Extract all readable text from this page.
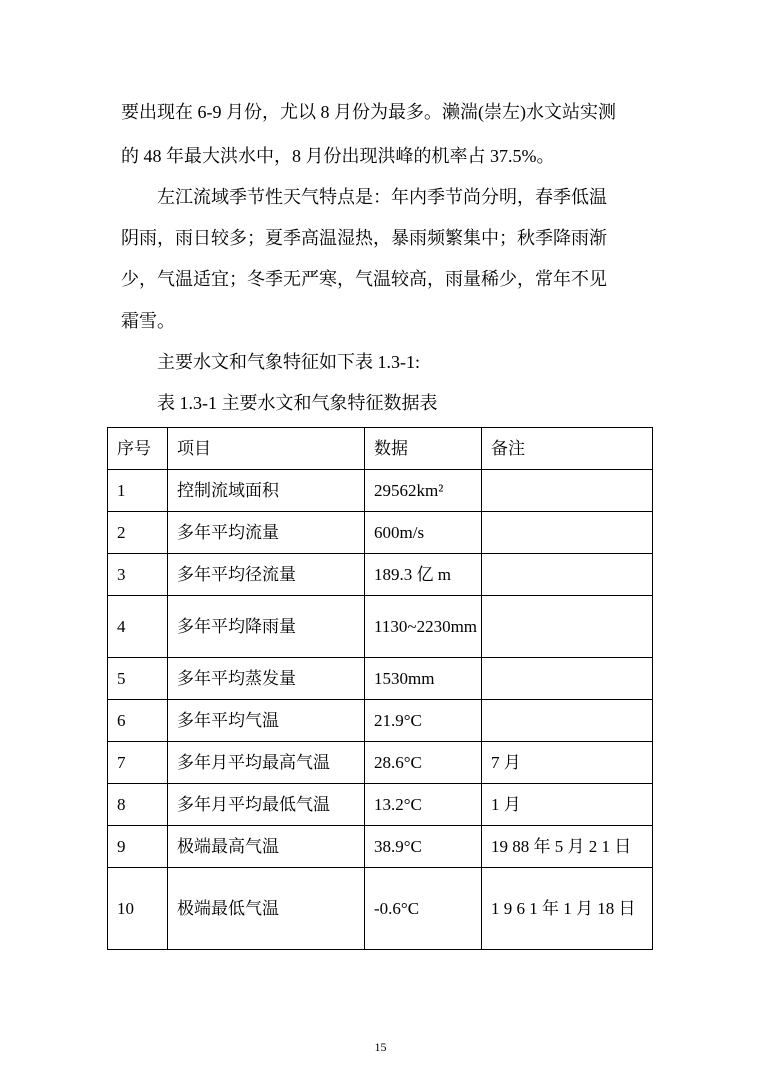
要出现在 6-9 月份，尤以 8 月份为最多。濑湍(崇左)水文站实测

的 48 年最大洪水中，8 月份出现洪峰的机率占 37.5%。

左江流域季节性天气特点是：年内季节尚分明，春季低温

阴雨，雨日较多；夏季高温湿热，暴雨频繁集中；秋季降雨渐

少，气温适宜；冬季无严寒，气温较高，雨量稀少，常年不见

霜雪。

主要水文和气象特征如下表 1.3-1:

表 1.3-1 主要水文和气象特征数据表

序号	项目	数据	备注
1	控制流域面积	29562km²	
2	多年平均流量	600m/s	
3	多年平均径流量	189.3 亿 m	
4	多年平均降雨量	1130~2230mm	
5	多年平均蒸发量	1530mm	
6	多年平均气温	21.9°C	
7	多年月平均最高气温	28.6°C	7 月
8	多年月平均最低气温	13.2°C	1 月
9	极端最高气温	38.9°C	19 88 年 5 月 2 1 日
10	极端最低气温	-0.6°C	1 9 6 1 年 1 月 18 日
15
